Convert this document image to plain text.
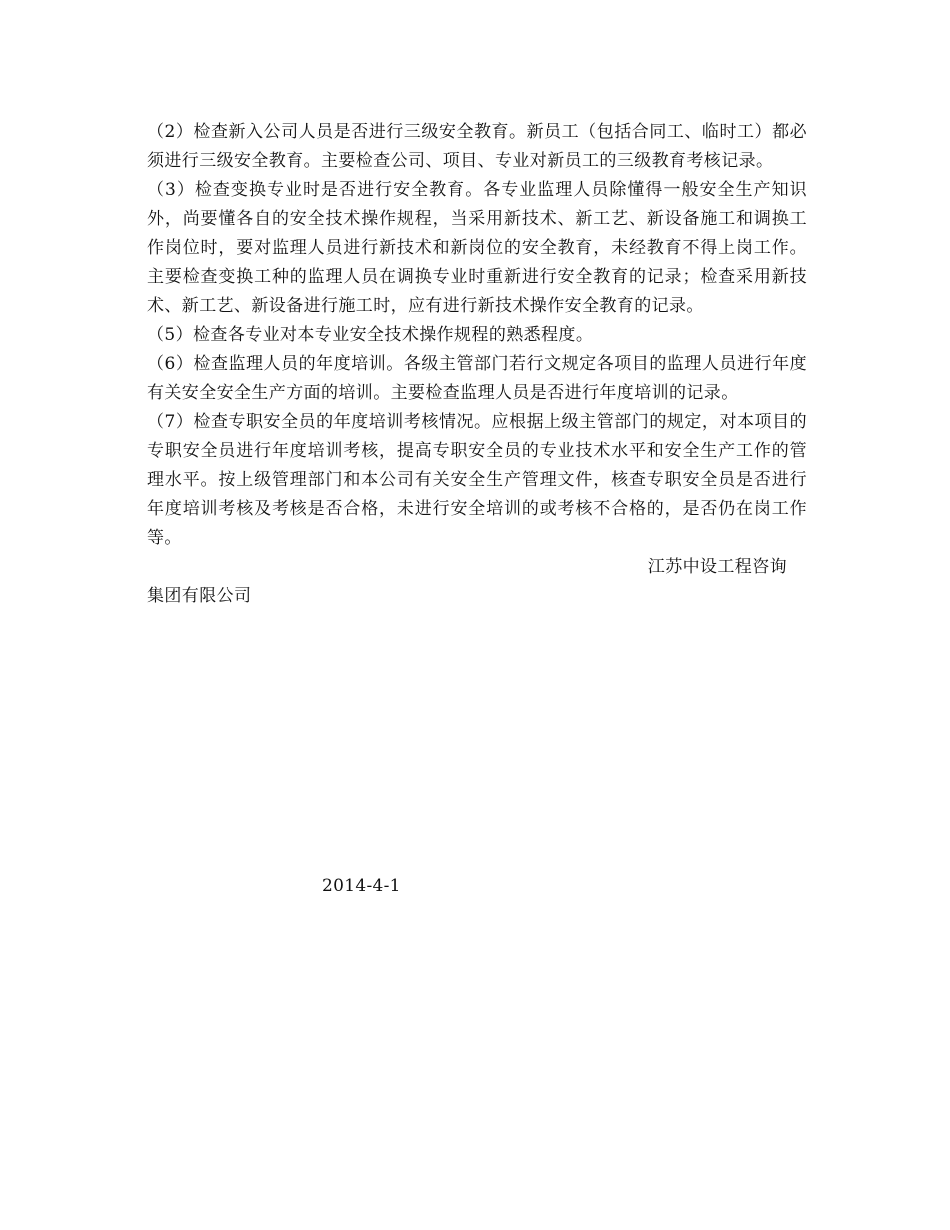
（2）检查新入公司人员是否进行三级安全教育。新员工（包括合同工、临时工）都必须进行三级安全教育。主要检查公司、项目、专业对新员工的三级教育考核记录。

（3）检查变换专业时是否进行安全教育。各专业监理人员除懂得一般安全生产知识外，尚要懂各自的安全技术操作规程，当采用新技术、新工艺、新设备施工和调换工作岗位时，要对监理人员进行新技术和新岗位的安全教育，未经教育不得上岗工作。主要检查变换工种的监理人员在调换专业时重新进行安全教育的记录；检查采用新技术、新工艺、新设备进行施工时，应有进行新技术操作安全教育的记录。

（5）检查各专业对本专业安全技术操作规程的熟悉程度。

（6）检查监理人员的年度培训。各级主管部门若行文规定各项目的监理人员进行年度有关安全安全生产方面的培训。主要检查监理人员是否进行年度培训的记录。

（7）检查专职安全员的年度培训考核情况。应根据上级主管部门的规定，对本项目的专职安全员进行年度培训考核，提高专职安全员的专业技术水平和安全生产工作的管理水平。按上级管理部门和本公司有关安全生产管理文件，核查专职安全员是否进行年度培训考核及考核是否合格，未进行安全培训的或考核不合格的，是否仍在岗工作等。

江苏中设工程咨询

集团有限公司

2014-4-1
